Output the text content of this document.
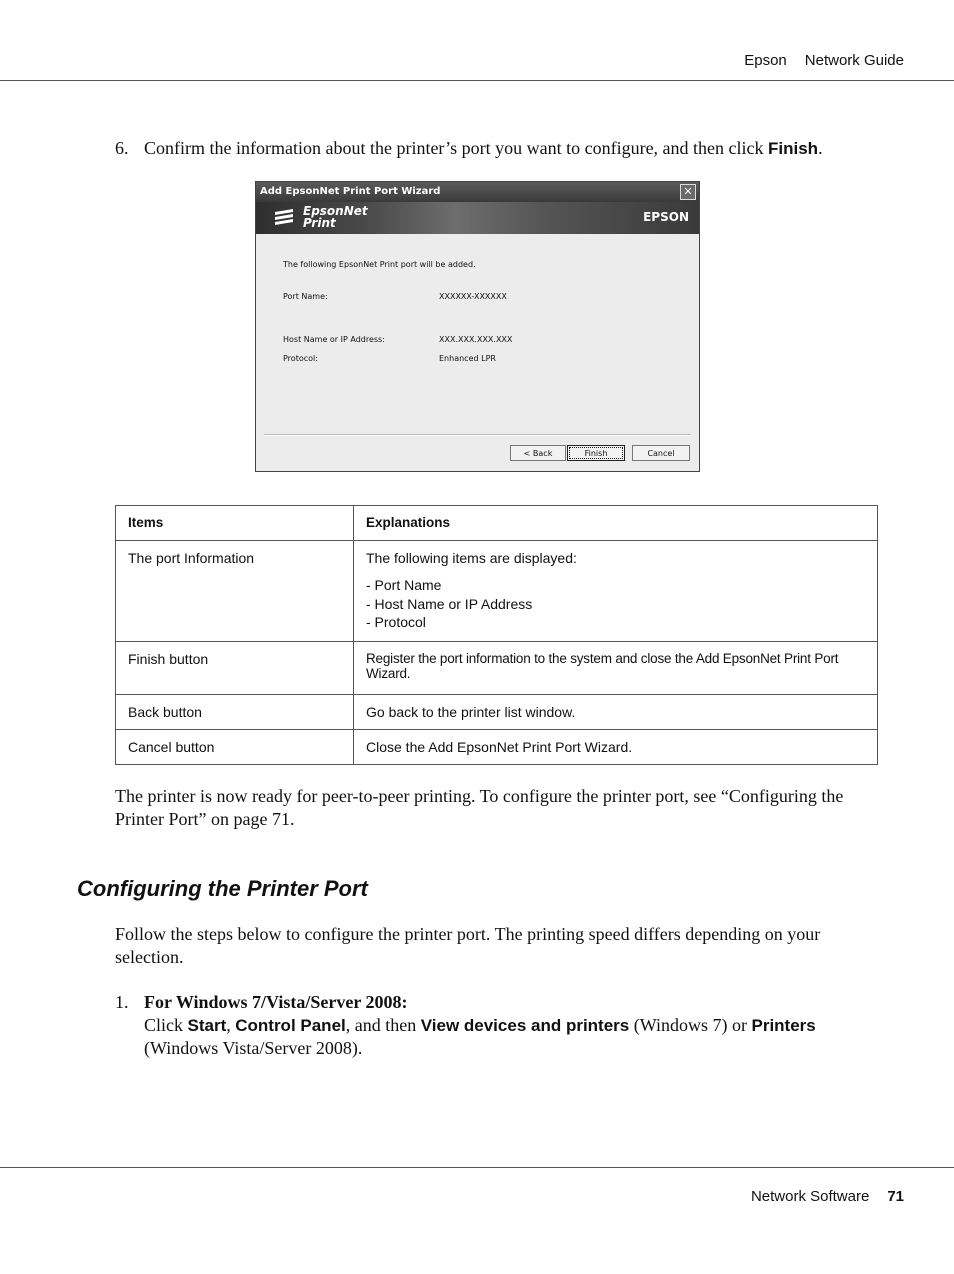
Epson Network Guide
6. Confirm the information about the printer’s port you want to configure, and then click Finish.
Add EpsonNet Print Port Wizard	✕
EpsonNet
Print	EPSON
The following EpsonNet Print port will be added.
Port Name:	XXXXXX-XXXXXX
Host Name or IP Address:	XXX.XXX.XXX.XXX
Protocol:	Enhanced LPR
< Back	Finish	Cancel
Items	Explanations
The port Information	The following items are displayed:
- Port Name
- Host Name or IP Address
- Protocol

Finish button	Register the port information to the system and close the Add EpsonNet Print Port Wizard.
Back button	Go back to the printer list window.
Cancel button	Close the Add EpsonNet Print Port Wizard.
The printer is now ready for peer-to-peer printing. To configure the printer port, see “Configuring the Printer Port” on page 71.
Configuring the Printer Port
Follow the steps below to configure the printer port. The printing speed differs depending on your selection.
1. For Windows 7/Vista/Server 2008:
Click Start, Control Panel, and then View devices and printers (Windows 7) or Printers (Windows Vista/Server 2008).
Network Software 71
